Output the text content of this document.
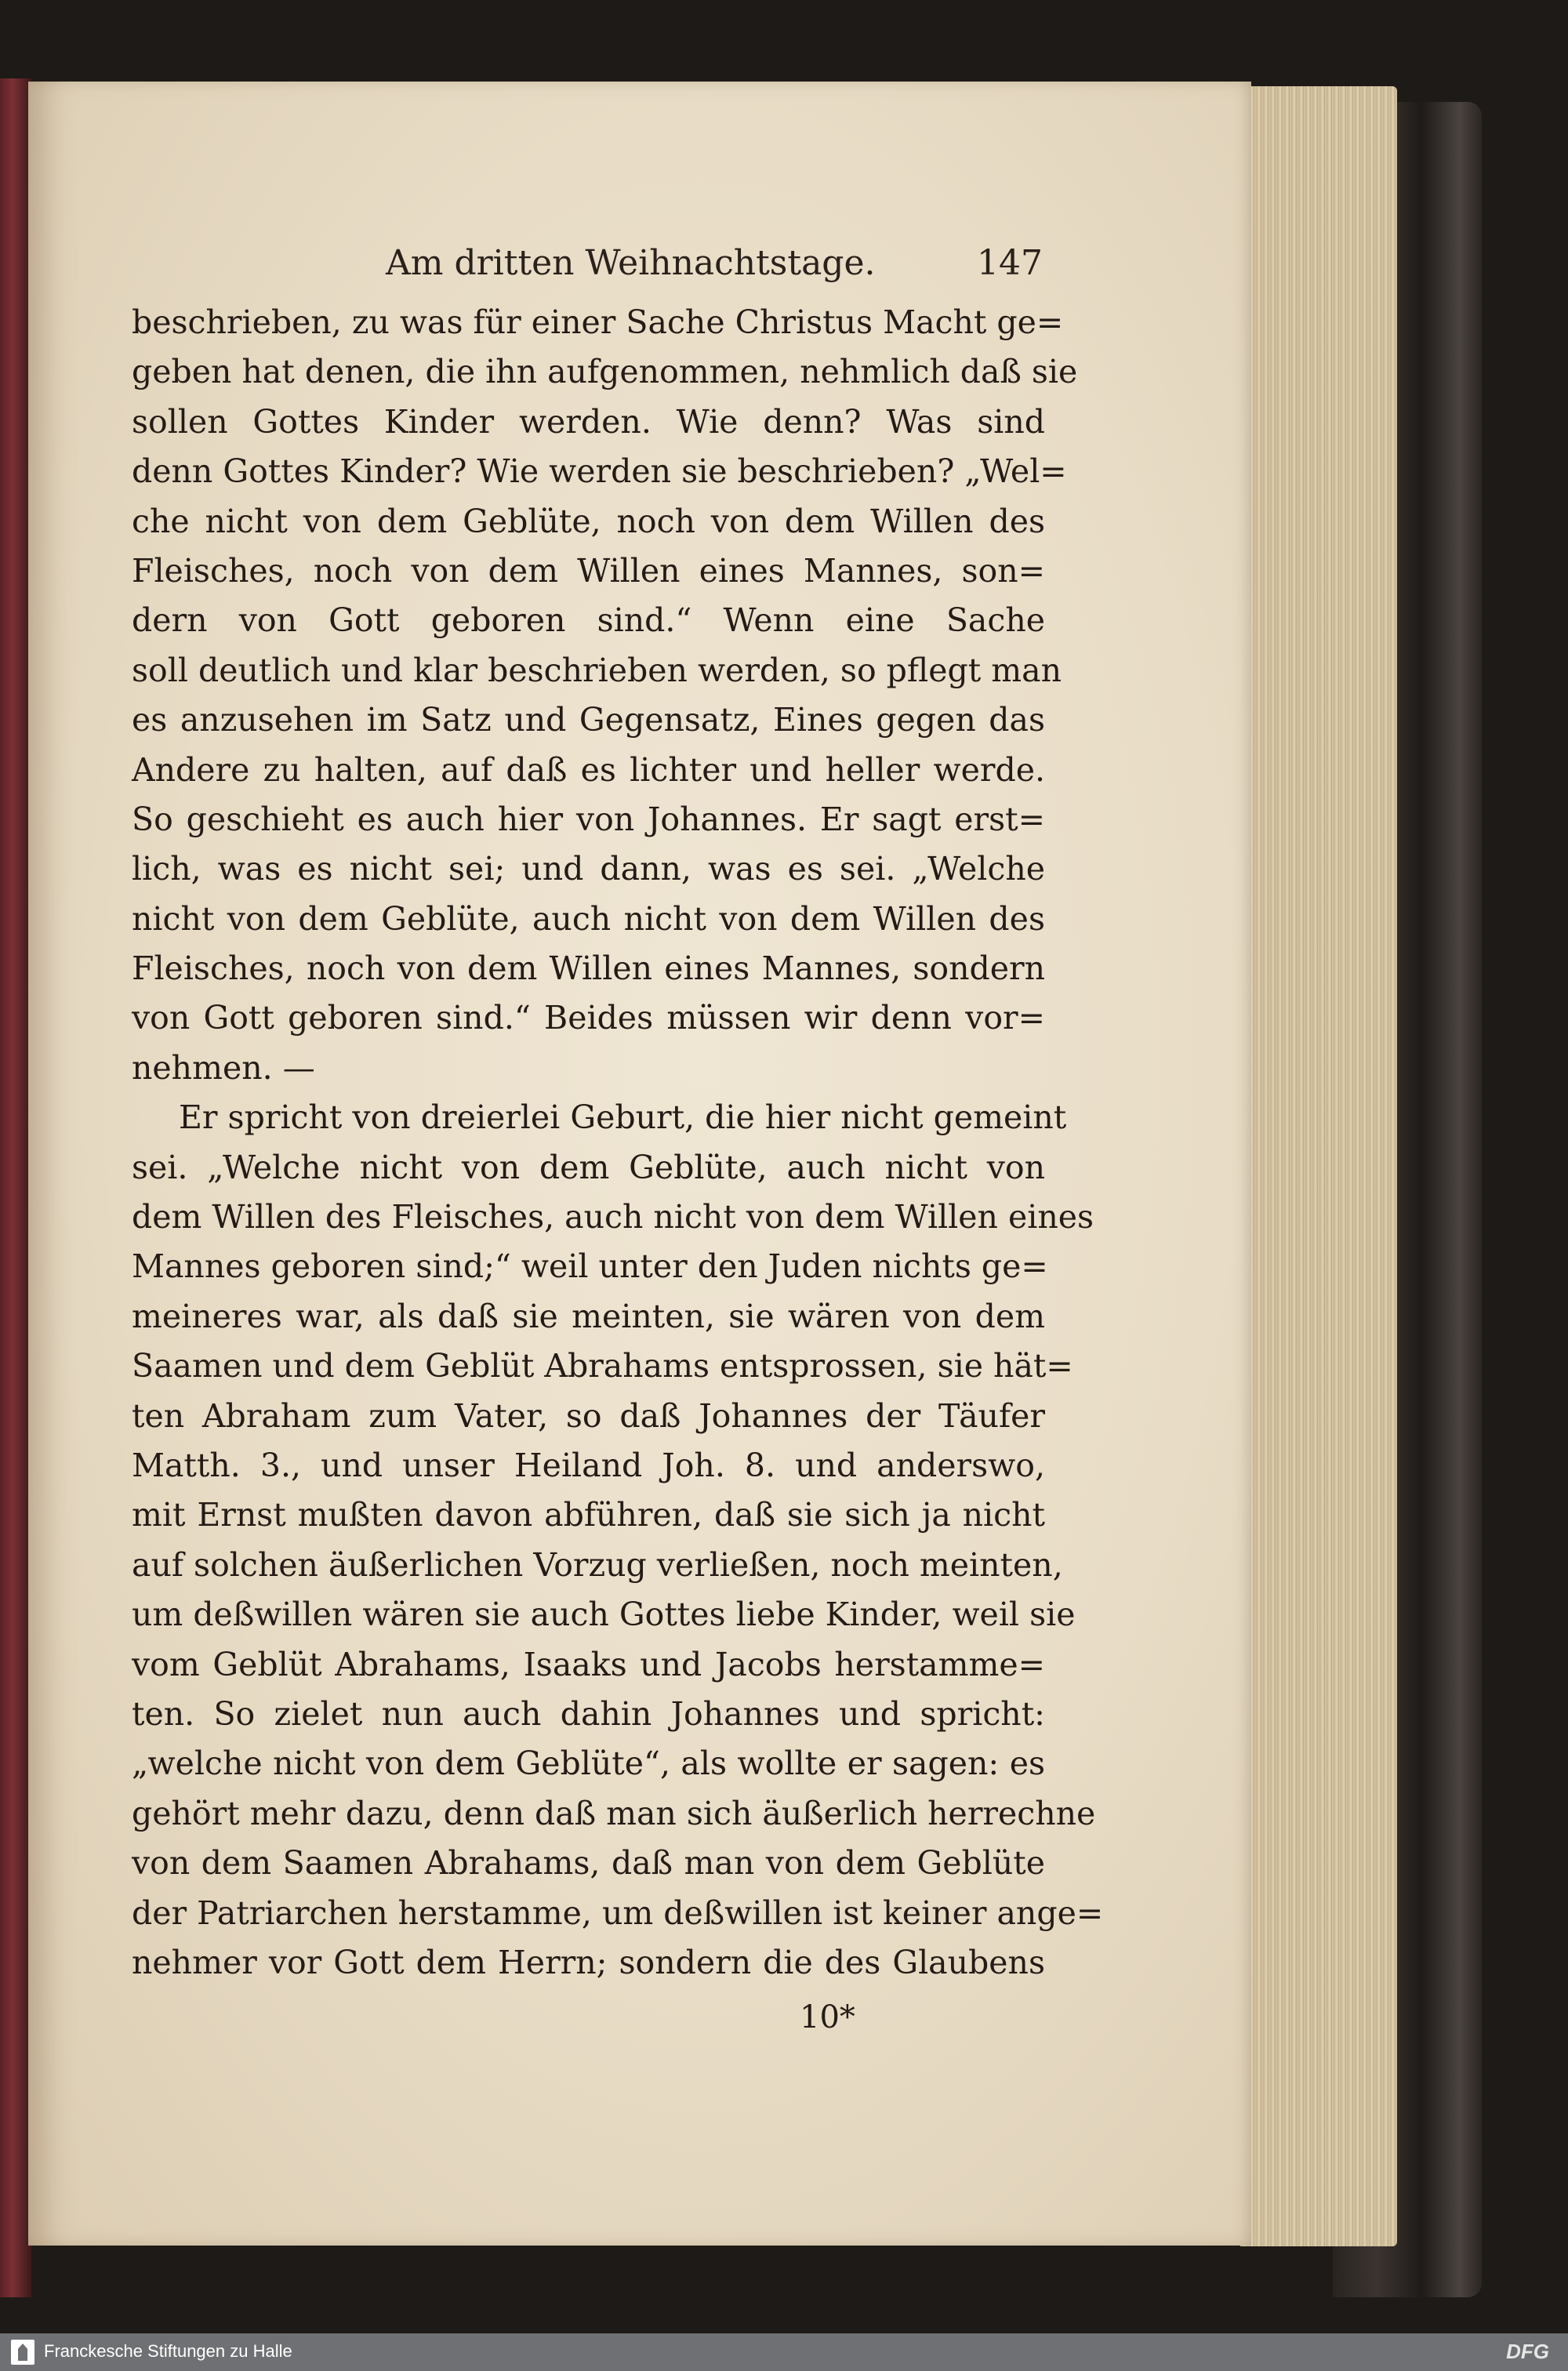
Am dritten Weihnachtstage.	147
beschrieben, zu was für einer Sache Christus Macht ge=
geben hat denen, die ihn aufgenommen, nehmlich daß sie
sollen Gottes Kinder werden. Wie denn? Was sind
denn Gottes Kinder? Wie werden sie beschrieben? „Wel=
che nicht von dem Geblüte, noch von dem Willen des
Fleisches, noch von dem Willen eines Mannes, son=
dern von Gott geboren sind.“ Wenn eine Sache
soll deutlich und klar beschrieben werden, so pflegt man
es anzusehen im Satz und Gegensatz, Eines gegen das
Andere zu halten, auf daß es lichter und heller werde.
So geschieht es auch hier von Johannes. Er sagt erst=
lich, was es nicht sei; und dann, was es sei. „Welche
nicht von dem Geblüte, auch nicht von dem Willen des
Fleisches, noch von dem Willen eines Mannes, sondern
von Gott geboren sind.“ Beides müssen wir denn vor=
nehmen. —
Er spricht von dreierlei Geburt, die hier nicht gemeint
sei. „Welche nicht von dem Geblüte, auch nicht von
dem Willen des Fleisches, auch nicht von dem Willen eines
Mannes geboren sind;“ weil unter den Juden nichts ge=
meineres war, als daß sie meinten, sie wären von dem
Saamen und dem Geblüt Abrahams entsprossen, sie hät=
ten Abraham zum Vater, so daß Johannes der Täufer
Matth. 3., und unser Heiland Joh. 8. und anderswo,
mit Ernst mußten davon abführen, daß sie sich ja nicht
auf solchen äußerlichen Vorzug verließen, noch meinten,
um deßwillen wären sie auch Gottes liebe Kinder, weil sie
vom Geblüt Abrahams, Isaaks und Jacobs herstamme=
ten. So zielet nun auch dahin Johannes und spricht:
„welche nicht von dem Geblüte“, als wollte er sagen: es
gehört mehr dazu, denn daß man sich äußerlich herrechne
von dem Saamen Abrahams, daß man von dem Geblüte
der Patriarchen herstamme, um deßwillen ist keiner ange=
nehmer vor Gott dem Herrn; sondern die des Glaubens
10*
Franckesche Stiftungen zu Halle	DFG
